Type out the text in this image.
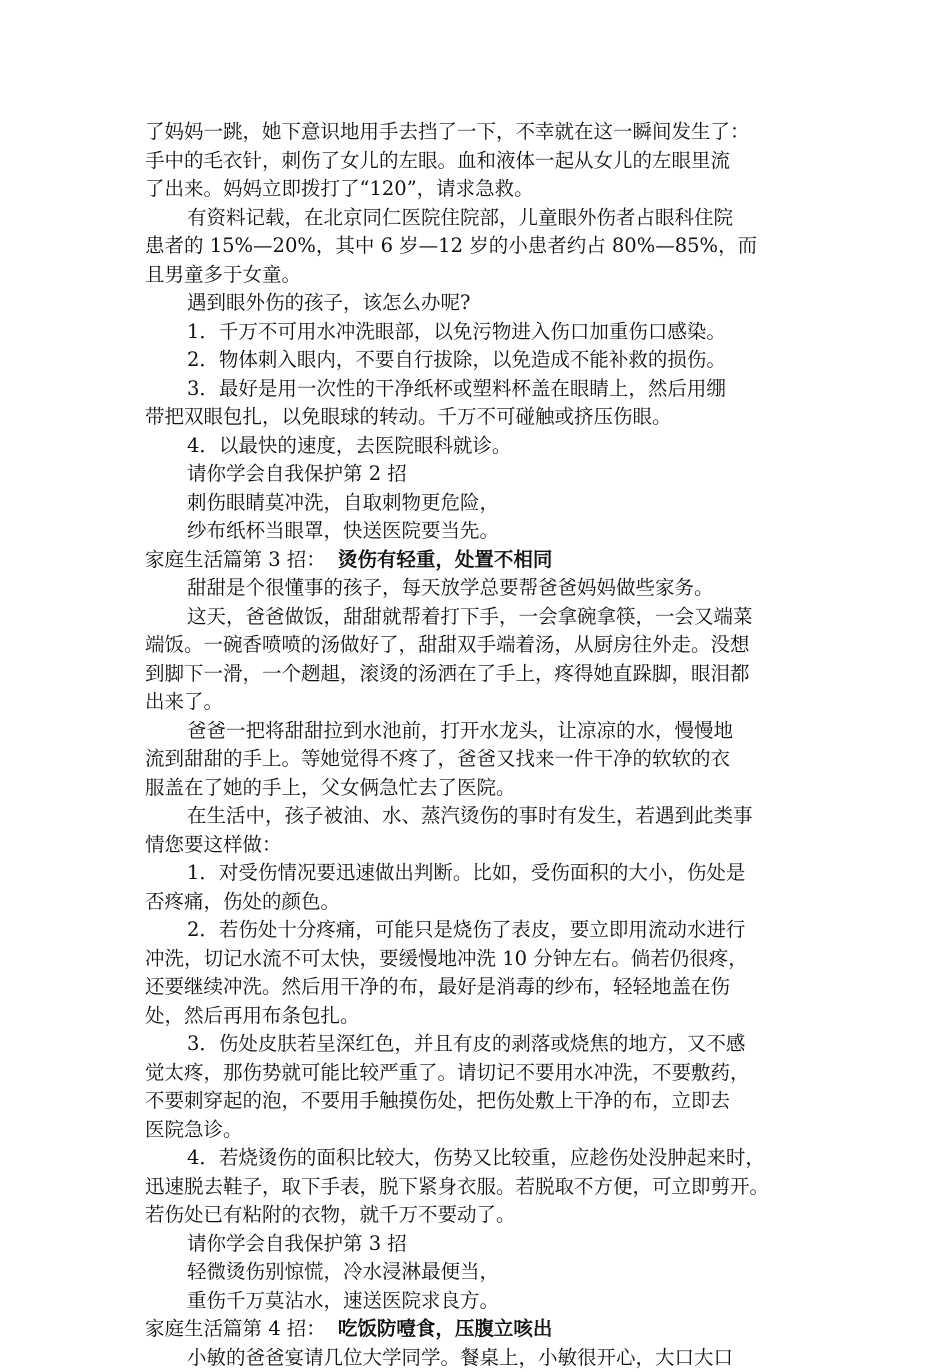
了妈妈一跳，她下意识地用手去挡了一下，不幸就在这一瞬间发生了：
手中的毛衣针，刺伤了女儿的左眼。血和液体一起从女儿的左眼里流
了出来。妈妈立即拨打了“120”，请求急救。
有资料记载，在北京同仁医院住院部，儿童眼外伤者占眼科住院
患者的 15%—20%，其中 6 岁—12 岁的小患者约占 80%—85%，而
且男童多于女童。
遇到眼外伤的孩子，该怎么办呢?
1．千万不可用水冲洗眼部，以免污物进入伤口加重伤口感染。
2．物体刺入眼内，不要自行拔除，以免造成不能补救的损伤。
3．最好是用一次性的干净纸杯或塑料杯盖在眼睛上，然后用绷
带把双眼包扎，以免眼球的转动。千万不可碰触或挤压伤眼。
4．以最快的速度，去医院眼科就诊。
请你学会自我保护第 2 招
刺伤眼睛莫冲洗，自取刺物更危险，
纱布纸杯当眼罩，快送医院要当先。
家庭生活篇第 3 招： 烫伤有轻重，处置不相同
甜甜是个很懂事的孩子，每天放学总要帮爸爸妈妈做些家务。
这天，爸爸做饭，甜甜就帮着打下手，一会拿碗拿筷，一会又端菜
端饭。一碗香喷喷的汤做好了，甜甜双手端着汤，从厨房往外走。没想
到脚下一滑，一个趔趄，滚烫的汤洒在了手上，疼得她直跺脚，眼泪都
出来了。
爸爸一把将甜甜拉到水池前，打开水龙头，让凉凉的水，慢慢地
流到甜甜的手上。等她觉得不疼了，爸爸又找来一件干净的软软的衣
服盖在了她的手上，父女俩急忙去了医院。
在生活中，孩子被油、水、蒸汽烫伤的事时有发生，若遇到此类事
情您要这样做：
1．对受伤情况要迅速做出判断。比如，受伤面积的大小，伤处是
否疼痛，伤处的颜色。
2．若伤处十分疼痛，可能只是烧伤了表皮，要立即用流动水进行
冲洗，切记水流不可太快，要缓慢地冲洗 10 分钟左右。倘若仍很疼，
还要继续冲洗。然后用干净的布，最好是消毒的纱布，轻轻地盖在伤
处，然后再用布条包扎。
3．伤处皮肤若呈深红色，并且有皮的剥落或烧焦的地方，又不感
觉太疼，那伤势就可能比较严重了。请切记不要用水冲洗，不要敷药，
不要刺穿起的泡，不要用手触摸伤处，把伤处敷上干净的布，立即去
医院急诊。
4．若烧烫伤的面积比较大，伤势又比较重，应趁伤处没肿起来时，
迅速脱去鞋子，取下手表，脱下紧身衣服。若脱取不方便，可立即剪开。
若伤处已有粘附的衣物，就千万不要动了。
请你学会自我保护第 3 招
轻微烫伤别惊慌，冷水浸淋最便当，
重伤千万莫沾水，速送医院求良方。
家庭生活篇第 4 招： 吃饭防噎食，压腹立咳出
小敏的爸爸宴请几位大学同学。餐桌上，小敏很开心，大口大口
